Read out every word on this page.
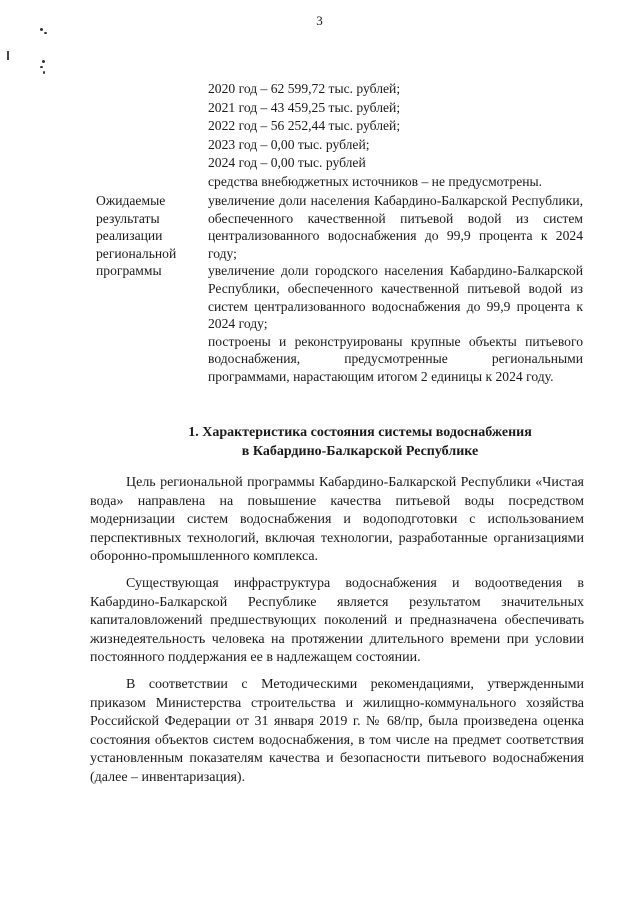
3
2020 год – 62 599,72 тыс. рублей;
2021 год – 43 459,25 тыс. рублей;
2022 год – 56 252,44 тыс. рублей;
2023 год – 0,00 тыс. рублей;
2024 год – 0,00 тыс. рублей
средства внебюджетных источников – не предусмотрены.
Ожидаемые результаты реализации региональной программы

увеличение доли населения Кабардино-Балкарской Республики, обеспеченного качественной питьевой водой из систем централизованного водоснабжения до 99,9 процента к 2024 году;

увеличение доли городского населения Кабардино-Балкарской Республики, обеспеченного качественной питьевой водой из систем централизованного водоснабжения до 99,9 процента к 2024 году;

построены и реконструированы крупные объекты питьевого водоснабжения, предусмотренные региональными программами, нарастающим итогом 2 единицы к 2024 году.

1. Характеристика состояния системы водоснабжения
в Кабардино-Балкарской Республике

Цель региональной программы Кабардино-Балкарской Республики «Чистая вода» направлена на повышение качества питьевой воды посредством модернизации систем водоснабжения и водоподготовки с использованием перспективных технологий, включая технологии, разработанные организациями оборонно-промышленного комплекса.

Существующая инфраструктура водоснабжения и водоотведения в Кабардино-Балкарской Республике является результатом значительных капиталовложений предшествующих поколений и предназначена обеспечивать жизнедеятельность человека на протяжении длительного времени при условии постоянного поддержания ее в надлежащем состоянии.

В соответствии с Методическими рекомендациями, утвержденными приказом Министерства строительства и жилищно-коммунального хозяйства Российской Федерации от 31 января 2019 г. № 68/пр, была произведена оценка состояния объектов систем водоснабжения, в том числе на предмет соответствия установленным показателям качества и безопасности питьевого водоснабжения (далее – инвентаризация).
